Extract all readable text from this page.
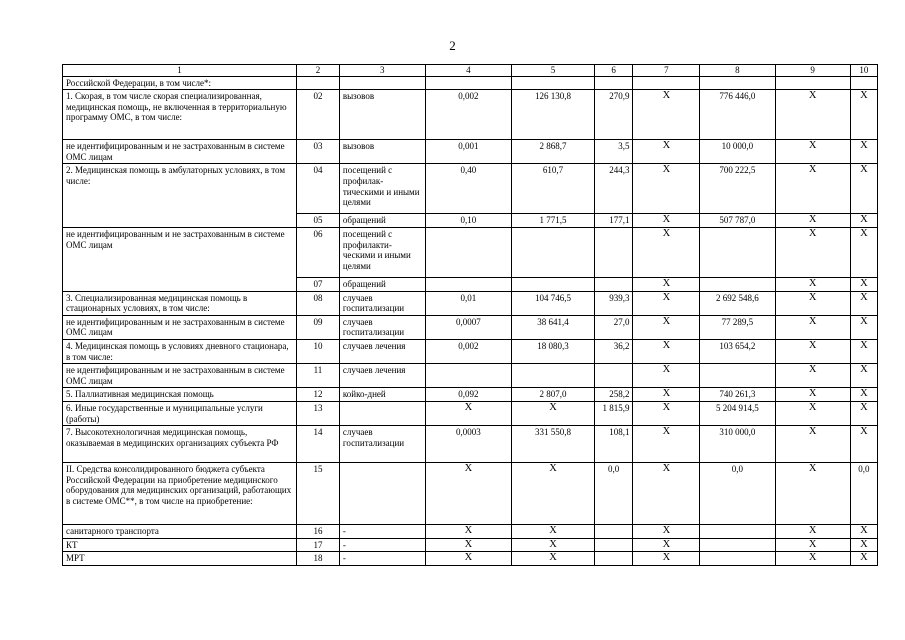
2
1	2	3	4	5	6	7	8	9	10
Российской Федерации, в том числе*:									
1. Скорая, в том числе скорая специализированная, медицинская помощь, не включенная в территориальную программу ОМС, в том числе:	02	вызовов	0,002	126 130,8	270,9	X	776 446,0	X	X
не идентифицированным и не застрахованным в системе ОМС лицам	03	вызовов	0,001	2 868,7	3,5	X	10 000,0	X	X
2. Медицинская помощь в амбулаторных условиях, в том числе:	04	посещений с профилак-тическими и иными целями	0,40	610,7	244,3	X	700 222,5	X	X
	05	обращений	0,10	1 771,5	177,1	X	507 787,0	X	X
не идентифицированным и не застрахованным в системе ОМС лицам	06	посещений с профилакти-ческими и иными целями				X		X	X
	07	обращений				X		X	X
3. Специализированная медицинская помощь в стационарных условиях, в том числе:	08	случаев госпитализации	0,01	104 746,5	939,3	X	2 692 548,6	X	X
не идентифицированным и не застрахованным в системе ОМС лицам	09	случаев госпитализации	0,0007	38 641,4	27,0	X	77 289,5	X	X
4. Медицинская помощь в условиях дневного стационара, в том числе:	10	случаев лечения	0,002	18 080,3	36,2	X	103 654,2	X	X
не идентифицированным и не застрахованным в системе ОМС лицам	11	случаев лечения				X		X	X
5. Паллиативная медицинская помощь	12	койко-дней	0,092	2 807,0	258,2	X	740 261,3	X	X
6. Иные государственные и муниципальные услуги (работы)	13		X	X	1 815,9	X	5 204 914,5	X	X
7. Высокотехнологичная медицинская помощь, оказываемая в медицинских организациях субъекта РФ	14	случаев госпитализации	0,0003	331 550,8	108,1	X	310 000,0	X	X
II. Средства консолидированного бюджета субъекта Российской Федерации на приобретение медицинского оборудования для медицинских организаций, работающих в системе ОМС**, в том числе на приобретение:	15		X	X	0,0	X	0,0	X	0,0
санитарного транспорта	16	-	X	X		X		X	X
КТ	17	-	X	X		X		X	X
МРТ	18	-	X	X		X		X	X
